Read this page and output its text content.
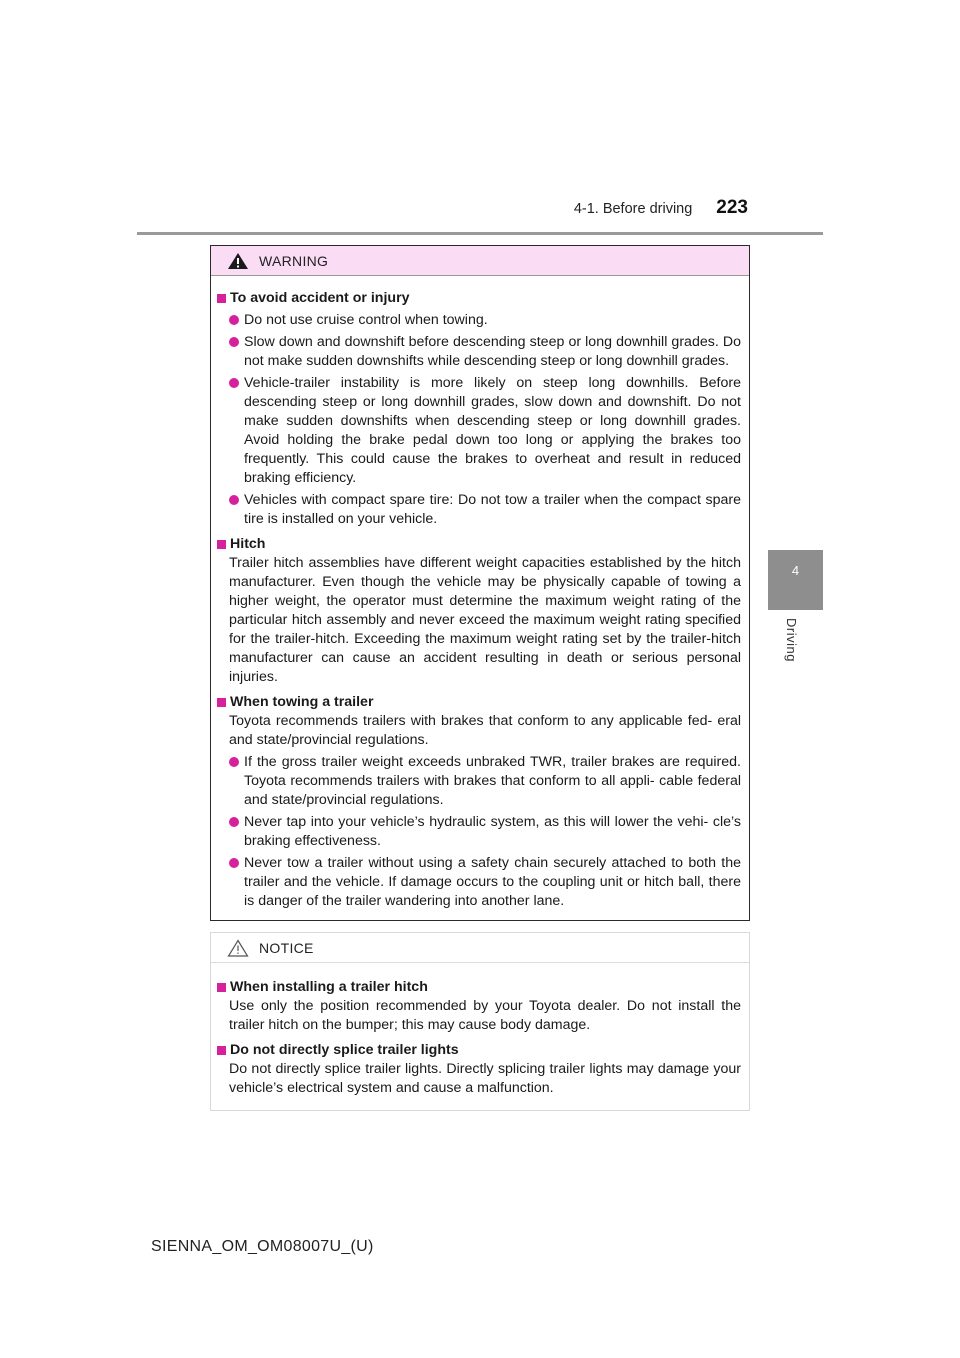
4-1. Before driving 223
4
Driving
WARNING
To avoid accident or injury
Do not use cruise control when towing.
Slow down and downshift before descending steep or long downhill grades. Do not make sudden downshifts while descending steep or long downhill grades.
Vehicle-trailer instability is more likely on steep long downhills. Before descending steep or long downhill grades, slow down and downshift. Do not make sudden downshifts when descending steep or long downhill grades. Avoid holding the brake pedal down too long or applying the brakes too frequently. This could cause the brakes to overheat and result in reduced braking efficiency.
Vehicles with compact spare tire: Do not tow a trailer when the compact spare tire is installed on your vehicle.
Hitch

Trailer hitch assemblies have different weight capacities established by the hitch manufacturer. Even though the vehicle may be physically capable of towing a higher weight, the operator must determine the maximum weight rating of the particular hitch assembly and never exceed the maximum weight rating specified for the trailer-hitch. Exceeding the maximum weight rating set by the trailer-hitch manufacturer can cause an accident resulting in death or serious personal injuries.

When towing a trailer

Toyota recommends trailers with brakes that conform to any applicable fed- eral and state/provincial regulations.

If the gross trailer weight exceeds unbraked TWR, trailer brakes are required. Toyota recommends trailers with brakes that conform to all appli- cable federal and state/provincial regulations.
Never tap into your vehicle’s hydraulic system, as this will lower the vehi- cle’s braking effectiveness.
Never tow a trailer without using a safety chain securely attached to both the trailer and the vehicle. If damage occurs to the coupling unit or hitch ball, there is danger of the trailer wandering into another lane.
NOTICE
When installing a trailer hitch

Use only the position recommended by your Toyota dealer. Do not install the trailer hitch on the bumper; this may cause body damage.

Do not directly splice trailer lights

Do not directly splice trailer lights. Directly splicing trailer lights may damage your vehicle’s electrical system and cause a malfunction.

SIENNA_OM_OM08007U_(U)
